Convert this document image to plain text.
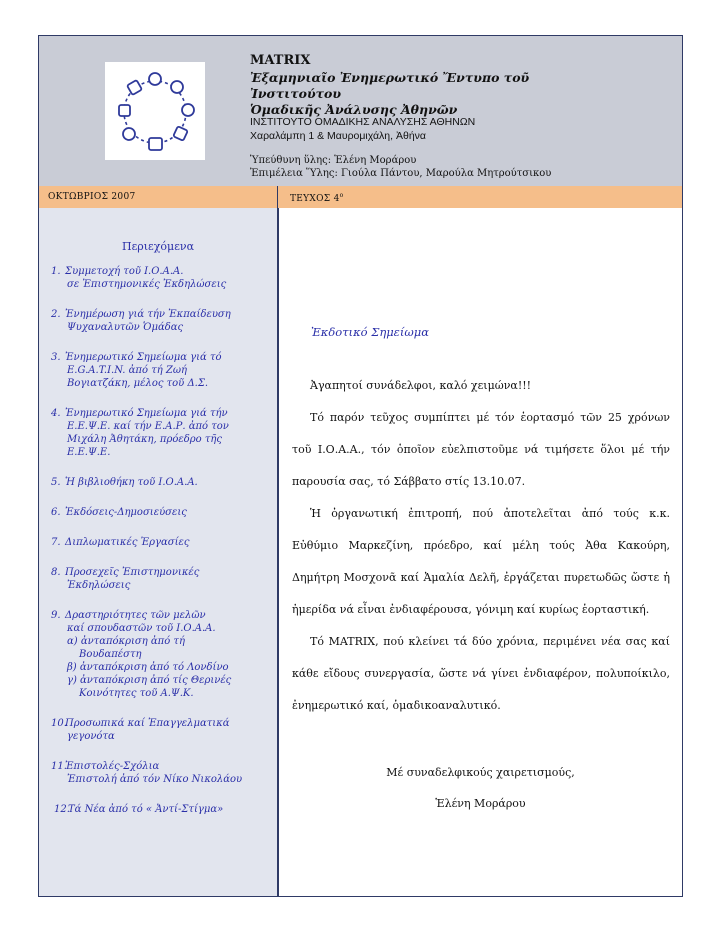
MATRIX
Ἐξαμηνιαῖο Ἐνημερωτικό Ἔντυπο τοῦ Ἰνστιτούτου
Ὁμαδικῆς Ἀνάλυσης Ἀθηνῶν
ΙΝΣΤΙΤΟΥΤΟ ΟΜΑΔΙΚΗΣ ΑΝΑΛΥΣΗΣ ΑΘΗΝΩΝ
Χαραλάμπη 1 & Μαυρομιχάλη, Ἀθήνα
Ὑπεύθυνη ὕλης: Ἑλένη Μοράρου
Ἐπιμέλεια Ὕλης: Γιούλα Πάντου, Μαρούλα Μητρούτσικου
ΟΚΤΩΒΡΙΟΣ 2007	ΤΕΥΧΟΣ $4^o$
Περιεχόμενα
1. Συμμετοχή τοῦ Ι.Ο.Α.Α.
σε Ἐπιστημονικές Ἐκδηλώσεις
2. Ἐνημέρωση γιά τήν Ἐκπαίδευση
Ψυχαναλυτῶν Ὁμάδας
3. Ἐνημερωτικό Σημείωμα γιά τό
E.G.A.T.I.N. ἀπό τή Ζωή
Βογιατζάκη, μέλος τοῦ Δ.Σ.
4. Ἐνημερωτικό Σημείωμα γιά τήν
Ε.Ε.Ψ.Ε. καί τήν Ε.Α.Ρ. ἀπό τον
Μιχάλη Ἀθητάκη, πρόεδρο τῆς
Ε.Ε.Ψ.Ε.
5. Ἡ βιβλιοθήκη τοῦ Ι.Ο.Α.Α.
6. Ἐκδόσεις-Δημοσιεύσεις
7. Διπλωματικές Ἐργασίες
8. Προσεχεῖς Ἐπιστημονικές
Ἐκδηλώσεις
9. Δραστηριότητες τῶν μελῶν
καί σπουδαστῶν τοῦ Ι.Ο.Α.Α.
α) ἀνταπόκριση ἀπό τή
Βουδαπέστη
β) ἀνταπόκριση ἀπό τό Λονδίνο
γ) ἀνταπόκριση ἀπό τίς Θερινές
Κοινότητες τοῦ Α.Ψ.Κ.
10.
Προσωπικά καί Ἐπαγγελματικά
γεγονότα
11.
Ἐπιστολές-Σχόλια
Ἐπιστολή ἀπό τόν Νίκο Νικολάου
12.
Τά Νέα ἀπό τό « Ἀντί-Στίγμα»
Ἐκδοτικό Σημείωμα

Ἀγαπητοί συνάδελφοι, καλό χειμώνα!!!

Τό παρόν τεῦχος συμπίπτει μέ τόν ἑορτασμό τῶν 25 χρόνων τοῦ Ι.Ο.Α.Α., τόν ὁποῖον εὐελπιστοῦμε νά τιμήσετε ὅλοι μέ τήν παρουσία σας, τό Σάββατο στίς 13.10.07.

Ἡ ὀργανωτική ἐπιτροπή, πού ἀποτελεῖται ἀπό τούς κ.κ. Εὐθύμιο Μαρκεζίνη, πρόεδρο, καί μέλη τούς Ἀθα Κακούρη, Δημήτρη Μοσχονᾶ καί Ἀμαλία Δελῆ, ἐργάζεται πυρετωδῶς ὥστε ἡ ἡμερίδα νά εἶναι ἐνδιαφέρουσα, γόνιμη καί κυρίως ἑορταστική.

Τό MATRIX, πού κλείνει τά δύο χρόνια, περιμένει νέα σας καί κάθε εἴδους συνεργασία, ὥστε νά γίνει ἐνδιαφέρον, πολυποίκιλο, ἐνημερωτικό καί, ὁμαδικοαναλυτικό.

Μέ συναδελφικούς χαιρετισμούς,
Ἑλένη Μοράρου
